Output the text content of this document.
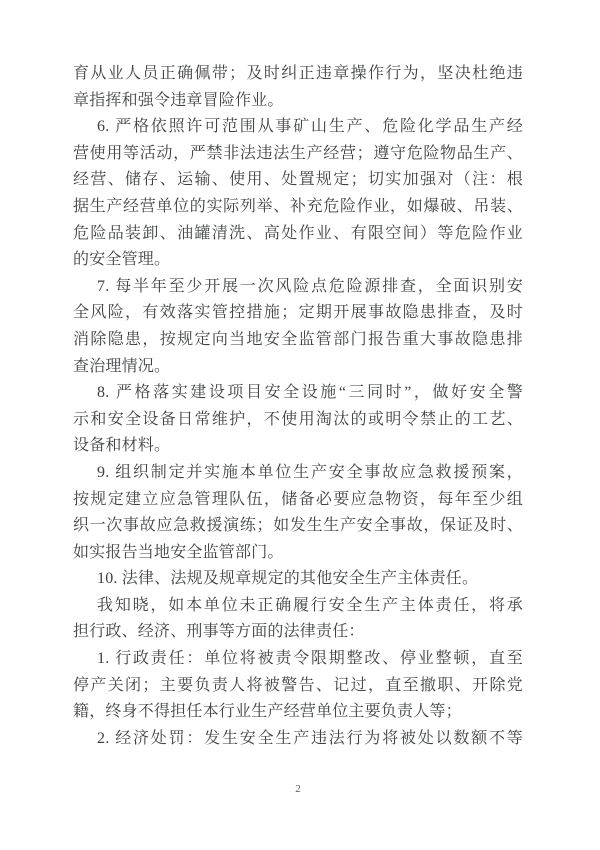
育从业人员正确佩带；及时纠正违章操作行为，坚决杜绝违
章指挥和强令违章冒险作业。
6. 严格依照许可范围从事矿山生产、危险化学品生产经
营使用等活动，严禁非法违法生产经营；遵守危险物品生产、
经营、储存、运输、使用、处置规定；切实加强对（注：根
据生产经营单位的实际列举、补充危险作业，如爆破、吊装、
危险品装卸、油罐清洗、高处作业、有限空间）等危险作业
的安全管理。
7. 每半年至少开展一次风险点危险源排查，全面识别安
全风险，有效落实管控措施；定期开展事故隐患排查，及时
消除隐患，按规定向当地安全监管部门报告重大事故隐患排
查治理情况。
8. 严格落实建设项目安全设施“三同时”，做好安全警
示和安全设备日常维护，不使用淘汰的或明令禁止的工艺、
设备和材料。
9. 组织制定并实施本单位生产安全事故应急救援预案，
按规定建立应急管理队伍，储备必要应急物资，每年至少组
织一次事故应急救援演练；如发生生产安全事故，保证及时、
如实报告当地安全监管部门。
10. 法律、法规及规章规定的其他安全生产主体责任。
我知晓，如本单位未正确履行安全生产主体责任，将承
担行政、经济、刑事等方面的法律责任：
1. 行政责任：单位将被责令限期整改、停业整顿，直至
停产关闭；主要负责人将被警告、记过，直至撤职、开除党
籍，终身不得担任本行业生产经营单位主要负责人等；
2. 经济处罚：发生安全生产违法行为将被处以数额不等
2
